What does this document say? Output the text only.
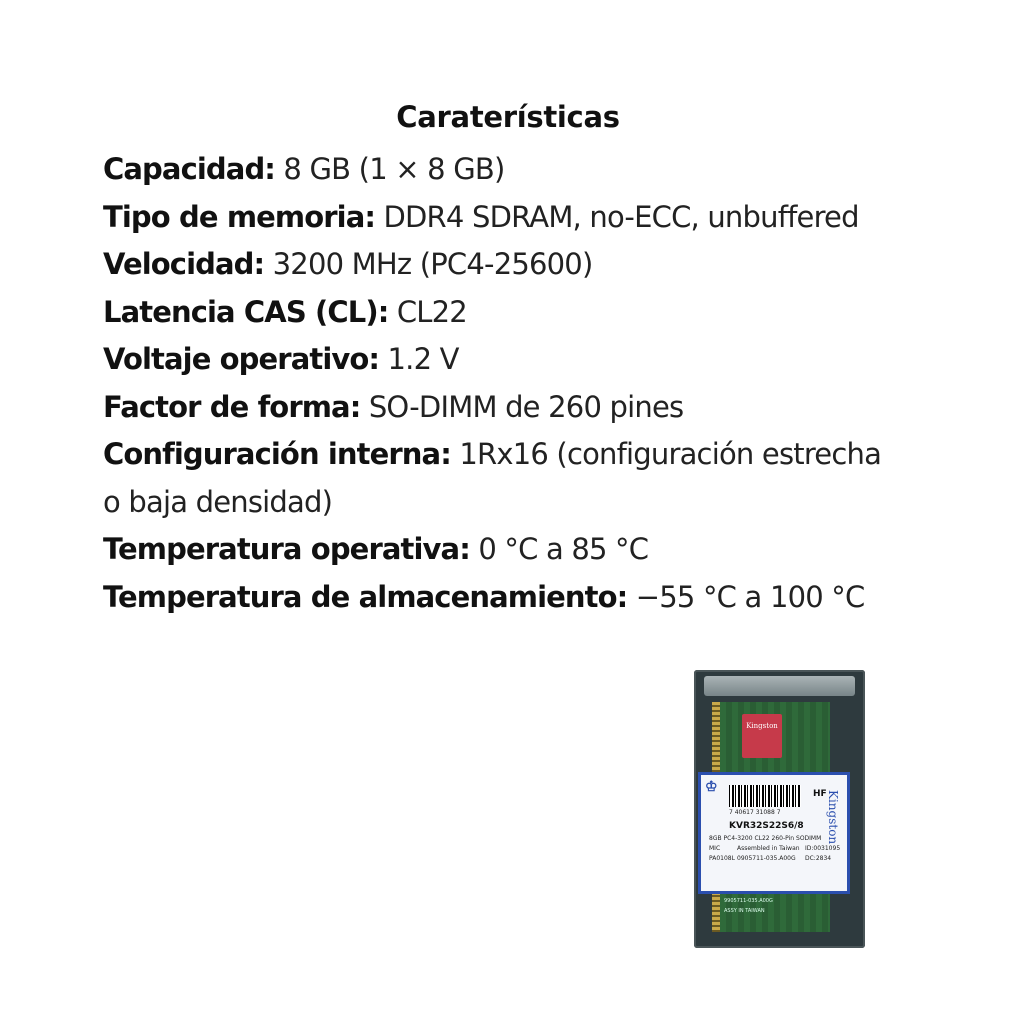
Caraterísticas

Capacidad: 8 GB (1 × 8 GB)

Tipo de memoria: DDR4 SDRAM, no-ECC, unbuffered

Velocidad: 3200 MHz (PC4-25600)

Latencia CAS (CL): CL22

Voltaje operativo: 1.2 V

Factor de forma: SO-DIMM de 260 pines

Configuración interna: 1Rx16 (configuración estrecha o baja densidad)

Temperatura operativa: 0 °C a 85 °C

Temperatura de almacenamiento: −55 °C a 100 °C

Kingston
♔	HF
7 40617 31088 7
KVR32S22S6/8
8GB PC4-3200 CL22 260-Pin SODIMM
MIC	Assembled in Taiwan ID:0031095
PA0108L 0905711-035.A00G DC:2834
Kingston
9905711-035.A00G
ASSY IN TAIWAN
